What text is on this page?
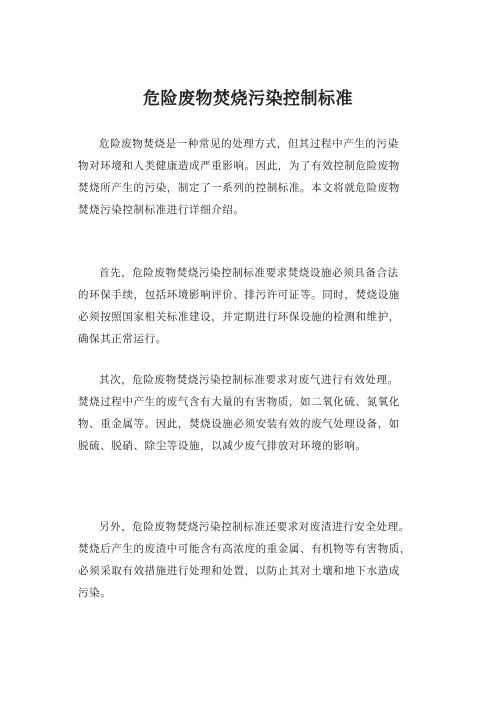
危险废物焚烧污染控制标准
危险废物焚烧是一种常见的处理方式，但其过程中产生的污染
物对环境和人类健康造成严重影响。因此，为了有效控制危险废物
焚烧所产生的污染，制定了一系列的控制标准。本文将就危险废物
焚烧污染控制标准进行详细介绍。
首先，危险废物焚烧污染控制标准要求焚烧设施必须具备合法
的环保手续，包括环境影响评价、排污许可证等。同时，焚烧设施
必须按照国家相关标准建设，并定期进行环保设施的检测和维护，
确保其正常运行。
其次，危险废物焚烧污染控制标准要求对废气进行有效处理。
焚烧过程中产生的废气含有大量的有害物质，如二氧化硫、氮氧化
物、重金属等。因此，焚烧设施必须安装有效的废气处理设备，如
脱硫、脱硝、除尘等设施，以减少废气排放对环境的影响。
另外，危险废物焚烧污染控制标准还要求对废渣进行安全处理。
焚烧后产生的废渣中可能含有高浓度的重金属、有机物等有害物质，
必须采取有效措施进行处理和处置，以防止其对土壤和地下水造成
污染。
